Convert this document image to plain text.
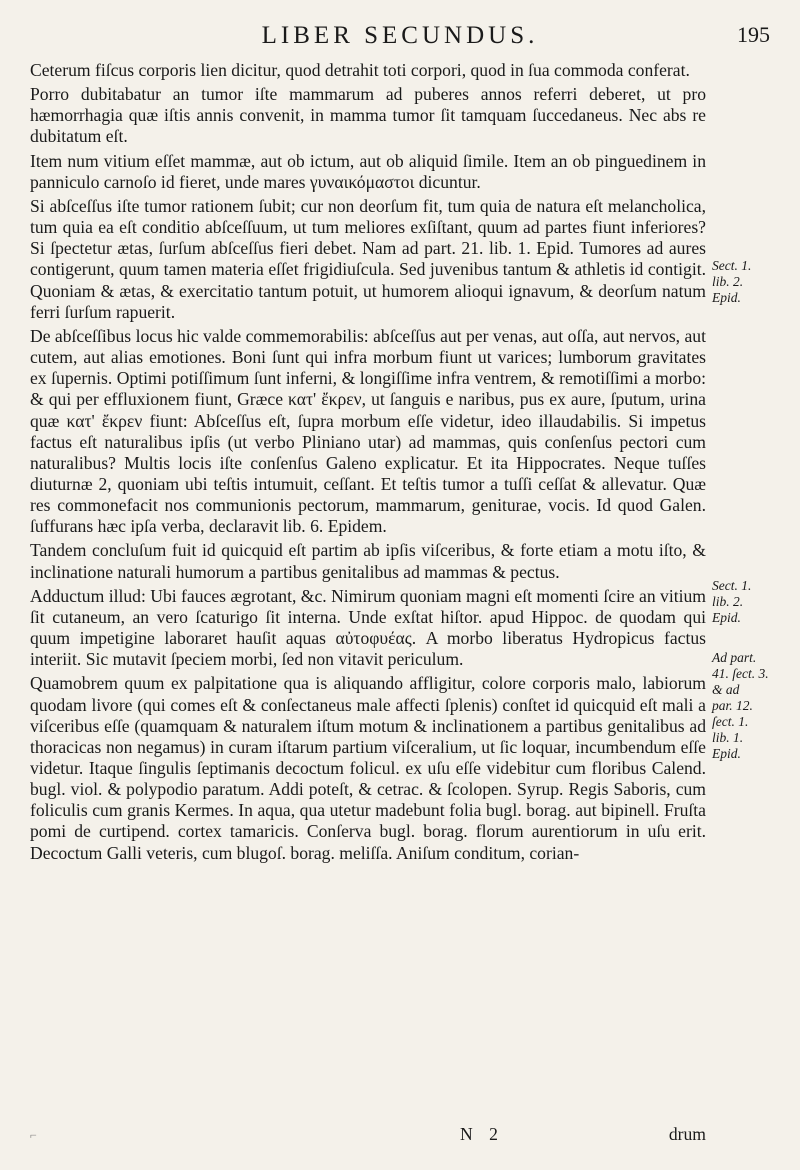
LIBER SECUNDUS.	195

Ceterum fiſcus corporis lien dicitur, quod detrahit toti corpori, quod in ſua commoda conferat.

Porro dubitabatur an tumor iſte mammarum ad puberes annos referri deberet, ut pro hæmorrhagia quæ iſtis annis convenit, in mamma tumor ſit tamquam ſuccedaneus. Nec abs re dubitatum eſt.

Item num vitium eſſet mammæ, aut ob ictum, aut ob aliquid ſimile. Item an ob pinguedinem in panniculo carnoſo id fieret, unde mares γυναικόμαστοι dicuntur.

Si abſceſſus iſte tumor rationem ſubit; cur non deorſum fit, tum quia de natura eſt melancholica, tum quia ea eſt conditio abſceſſuum, ut tum meliores exſiſtant, quum ad partes fiunt inferiores? Si ſpectetur ætas, ſurſum abſceſſus fieri debet. Nam ad part. 21. lib. 1. Epid. Tumores ad aures contigerunt, quum tamen materia eſſet frigidiuſcula. Sed juvenibus tantum & athletis id contigit. Quoniam & ætas, & exercitatio tantum potuit, ut humorem alioqui ignavum, & deorſum natum ferri ſurſum rapuerit.

De abſceſſibus locus hic valde commemorabilis: abſceſſus aut per venas, aut oſſa, aut nervos, aut cutem, aut alias emotiones. Boni ſunt qui infra morbum fiunt ut varices; lumborum gravitates ex ſupernis. Optimi potiſſimum ſunt inferni, & longiſſime infra ventrem, & remotiſſimi a morbo: & qui per effluxionem fiunt, Græce κατ' ἔκρεν, ut ſanguis e naribus, pus ex aure, ſputum, urina quæ κατ' ἔκρεν fiunt: Abſceſſus eſt, ſupra morbum eſſe videtur, ideo illaudabilis. Si impetus factus eſt naturalibus ipſis (ut verbo Pliniano utar) ad mammas, quis conſenſus pectori cum naturalibus? Multis locis iſte conſenſus Galeno explicatur. Et ita Hippocrates. Neque tuſſes diuturnæ 2, quoniam ubi teſtis intumuit, ceſſant. Et teſtis tumor a tuſſi ceſſat & allevatur. Quæ res commonefacit nos communionis pectorum, mammarum, geniturae, vocis. Id quod Galen. ſuffurans hæc ipſa verba, declaravit lib. 6. Epidem.

Tandem concluſum fuit id quicquid eſt partim ab ipſis viſceribus, & forte etiam a motu iſto, & inclinatione naturali humorum a partibus genitalibus ad mammas & pectus.

Adductum illud: Ubi fauces ægrotant, &c. Nimirum quoniam magni eſt momenti ſcire an vitium ſit cutaneum, an vero ſcaturigo ſit interna. Unde exſtat hiſtor. apud Hippoc. de quodam qui quum impetigine laboraret hauſit aquas αὐτοφυέας. A morbo liberatus Hydropicus factus interiit. Sic mutavit ſpeciem morbi, ſed non vitavit periculum.

Quamobrem quum ex palpitatione qua is aliquando affligitur, colore corporis malo, labiorum quodam livore (qui comes eſt & conſectaneus male affecti ſplenis) conſtet id quicquid eſt mali a viſceribus eſſe (quamquam & naturalem iſtum motum & inclinationem a partibus genitalibus ad thoracicas non negamus) in curam iſtarum partium viſceralium, ut ſic loquar, incumbendum eſſe videtur. Itaque ſingulis ſeptimanis decoctum folicul. ex uſu eſſe videbitur cum floribus Calend. bugl. viol. & polypodio paratum. Addi poteſt, & cetrac. & ſcolopen. Syrup. Regis Saboris, cum foliculis cum granis Kermes. In aqua, qua utetur madebunt folia bugl. borag. aut bipinell. Fruſta pomi de curtipend. cortex tamaricis. Conſerva bugl. borag. florum aurentiorum in uſu erit. Decoctum Galli veteris, cum blugoſ. borag. meliſſa. Aniſum conditum, corian-

Sect. 1.
lib. 2.
Epid.
Sect. 1.
lib. 2.
Epid.
Ad part.
41. ſect. 3.
& ad
par. 12.
ſect. 1.
lib. 1.
Epid.
⌐	N 2	drum
